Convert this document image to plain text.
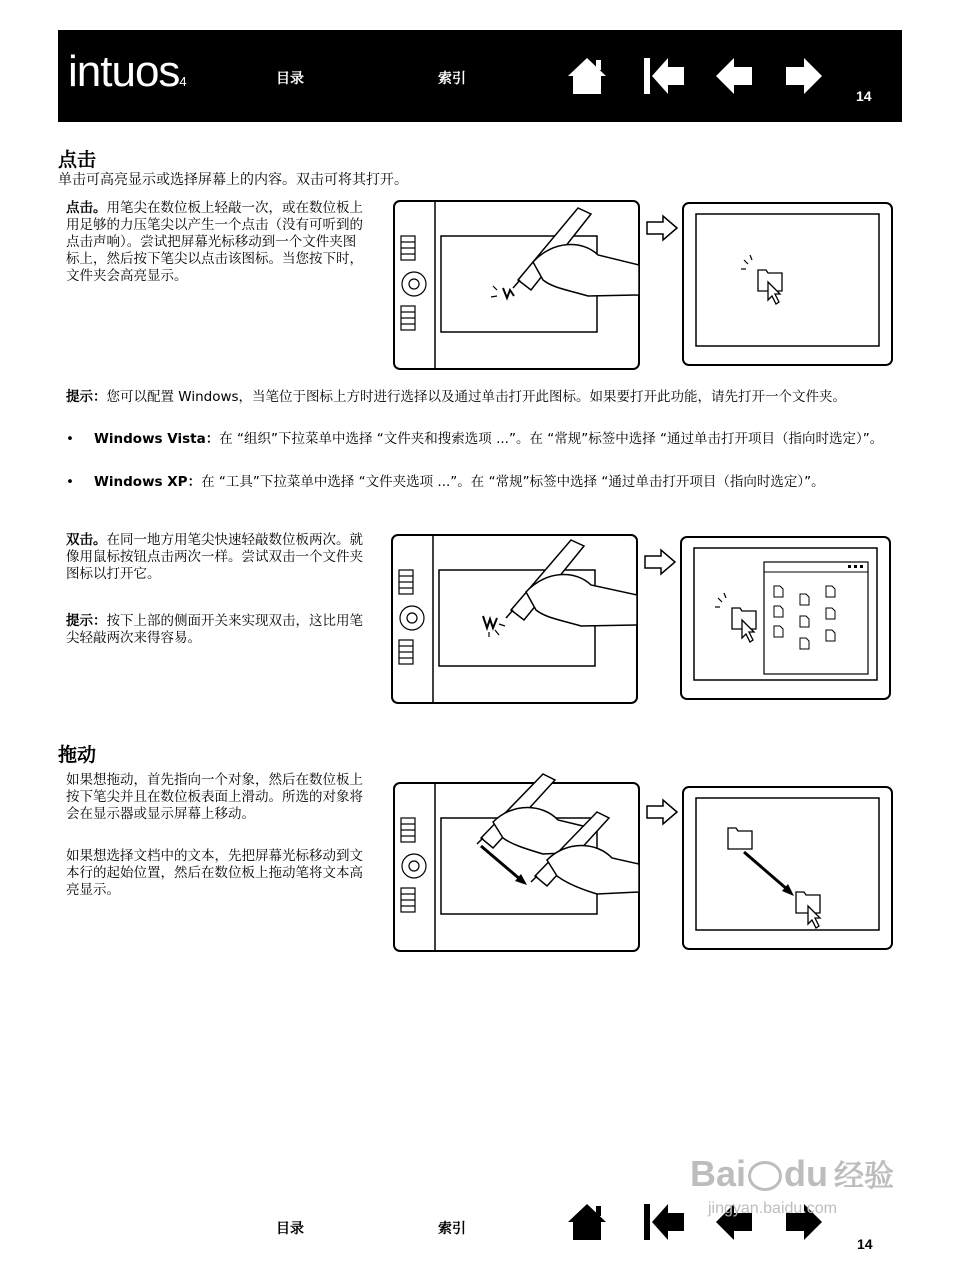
intuos4	目录	索引
14
点击

单击可高亮显示或选择屏幕上的内容。双击可将其打开。

点击。用笔尖在数位板上轻敲一次，或在数位板上用足够的力压笔尖以产生一个点击（没有可听到的点击声响）。尝试把屏幕光标移动到一个文件夹图标上，然后按下笔尖以点击该图标。当您按下时，文件夹会高亮显示。

提示：您可以配置 Windows，当笔位于图标上方时进行选择以及通过单击打开此图标。如果要打开此功能，请先打开一个文件夹。

• Windows Vista：在 “组织”下拉菜单中选择 “文件夹和搜索选项 ...”。在 “常规”标签中选择 “通过单击打开项目（指向时选定）”。
• Windows XP：在 “工具”下拉菜单中选择 “文件夹选项 ...”。在 “常规”标签中选择 “通过单击打开项目（指向时选定）”。

双击。在同一地方用笔尖快速轻敲数位板两次。就像用鼠标按钮点击两次一样。尝试双击一个文件夹图标以打开它。

提示：按下上部的侧面开关来实现双击，这比用笔尖轻敲两次来得容易。

拖动

如果想拖动，首先指向一个对象，然后在数位板上按下笔尖并且在数位板表面上滑动。所选的对象将会在显示器或显示屏幕上移动。

如果想选择文档中的文本，先把屏幕光标移动到文本行的起始位置，然后在数位板上拖动笔将文本高亮显示。

目录	索引
14
Bai du 经验
jingyan.baidu.com
